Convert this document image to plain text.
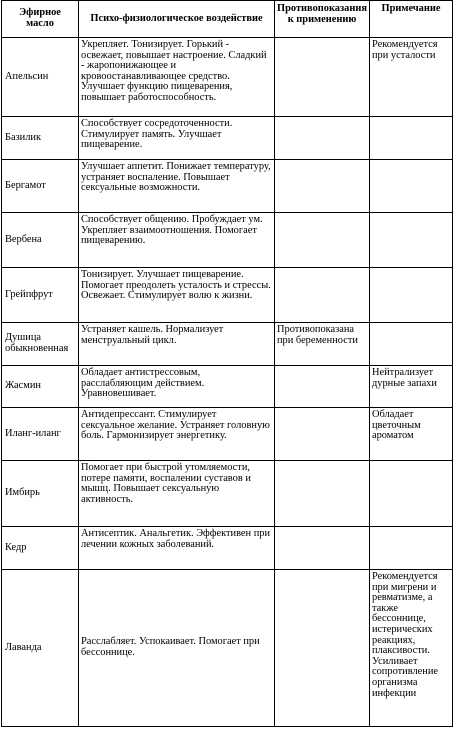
Эфирное масло	Психо-физиологическое воздействие	Противопоказания к применению	Примечание
Апельсин	Укрепляет. Тонизирует. Горький - освежает, повышает настроение. Сладкий - жаропонижающее и кровоостанавливающее средство. Улучшает функцию пищеварения, повышает работоспособность.		Рекомендуется при усталости
Базилик	Способствует сосредоточенности. Стимулирует память. Улучшает пищеварение.		
Бергамот	Улучшает аппетит. Понижает температуру, устраняет воспаление. Повышает сексуальные возможности.		
Вербена	Способствует общению. Пробуждает ум. Укрепляет взаимоотношения. Помогает пищеварению.		
Грейпфрут	Тонизирует. Улучшает пищеварение. Помогает преодолеть усталость и стрессы. Освежает. Стимулирует волю к жизни.		
Душица обыкновенная	Устраняет кашель. Нормализует менструальный цикл.	Противопоказана при беременности	
Жасмин	Обладает антистрессовым, расслабляющим действием. Уравновешивает.		Нейтрализует дурные запахи
Иланг-иланг	Антидепрессант. Стимулирует сексуальное желание. Устраняет головную боль. Гармонизирует энергетику.		Обладает цветочным ароматом
Имбирь	Помогает при быстрой утомляемости, потере памяти, воспалении суставов и мышц. Повышает сексуальную активность.		
Кедр	Антисептик. Анальгетик. Эффективен при лечении кожных заболеваний.		
Лаванда	Расслабляет. Успокаивает. Помогает при бессоннице.		Рекомендуется при мигрени и ревматизме, а также бессоннице, истерических реакциях, плаксивости. Усиливает сопротивление организма инфекции
